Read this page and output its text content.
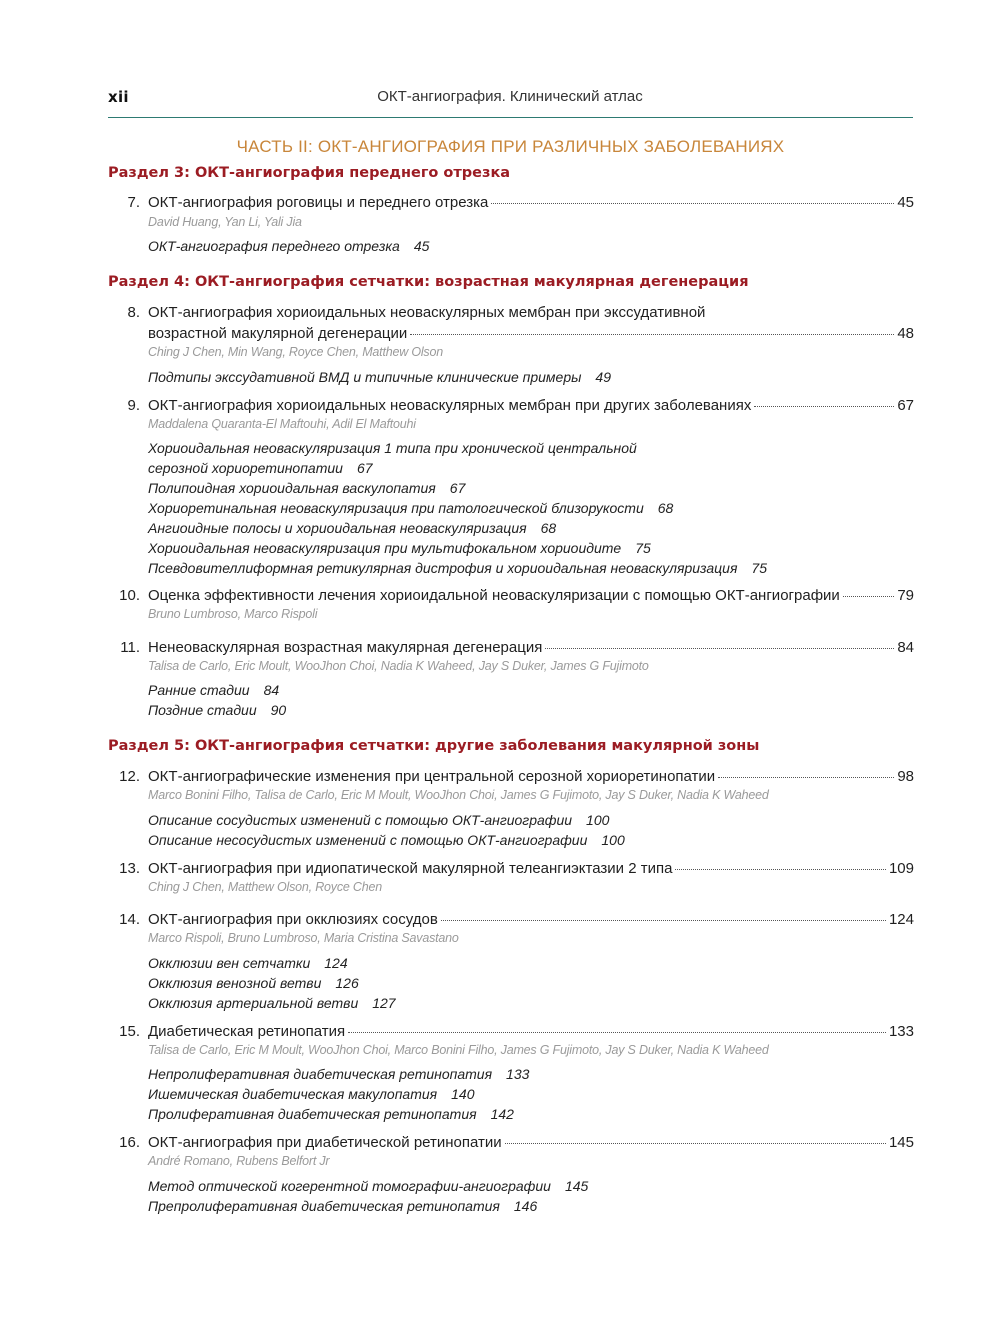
xii	ОКТ-ангиография. Клинический атлас
ЧАСТЬ II: ОКТ-АНГИОГРАФИЯ ПРИ РАЗЛИЧНЫХ ЗАБОЛЕВАНИЯХ
Раздел 3: ОКТ-ангиография переднего отрезка
7. ОКТ-ангиография роговицы и переднего отрезка	45
David Huang, Yan Li, Yali Jia
ОКТ-ангиография переднего отрезка 45
Раздел 4: ОКТ-ангиография сетчатки: возрастная макулярная дегенерация
8. ОКТ-ангиография хориоидальных неоваскулярных мембран при экссудативной
возрастной макулярной дегенерации	48
Ching J Chen, Min Wang, Royce Chen, Matthew Olson
Подтипы экссудативной ВМД и типичные клинические примеры 49
9. ОКТ-ангиография хориоидальных неоваскулярных мембран при других заболеваниях	67
Maddalena Quaranta-El Maftouhi, Adil El Maftouhi
Хориоидальная неоваскуляризация 1 типа при хронической центральной
серозной хориоретинопатии 67
Полипоидная хориоидальная васкулопатия 67
Хориоретинальная неоваскуляризация при патологической близорукости 68
Ангиоидные полосы и хориоидальная неоваскуляризация 68
Хориоидальная неоваскуляризация при мультифокальном хориоидите 75
Псевдовителлиформная ретикулярная дистрофия и хориоидальная неоваскуляризация 75
10. Оценка эффективности лечения хориоидальной неоваскуляризации с помощью ОКТ-ангиографии	79
Bruno Lumbroso, Marco Rispoli
11. Ненеоваскулярная возрастная макулярная дегенерация	84
Talisa de Carlo, Eric Moult, WooJhon Choi, Nadia K Waheed, Jay S Duker, James G Fujimoto
Ранние стадии 84
Поздние стадии 90
Раздел 5: ОКТ-ангиография сетчатки: другие заболевания макулярной зоны
12. ОКТ-ангиографические изменения при центральной серозной хориоретинопатии	98
Marco Bonini Filho, Talisa de Carlo, Eric M Moult, WooJhon Choi, James G Fujimoto, Jay S Duker, Nadia K Waheed
Описание сосудистых изменений с помощью ОКТ-ангиографии 100
Описание несосудистых изменений с помощью ОКТ-ангиографии 100
13. ОКТ-ангиография при идиопатической макулярной телеангиэктазии 2 типа	109
Ching J Chen, Matthew Olson, Royce Chen
14. ОКТ-ангиография при окклюзиях сосудов	124
Marco Rispoli, Bruno Lumbroso, Maria Cristina Savastano
Окклюзии вен сетчатки 124
Окклюзия венозной ветви 126
Окклюзия артериальной ветви 127
15. Диабетическая ретинопатия	133
Talisa de Carlo, Eric M Moult, WooJhon Choi, Marco Bonini Filho, James G Fujimoto, Jay S Duker, Nadia K Waheed
Непролиферативная диабетическая ретинопатия 133
Ишемическая диабетическая макулопатия 140
Пролиферативная диабетическая ретинопатия 142
16. ОКТ-ангиография при диабетической ретинопатии	145
André Romano, Rubens Belfort Jr
Метод оптической когерентной томографии-ангиографии 145
Препролиферативная диабетическая ретинопатия 146
